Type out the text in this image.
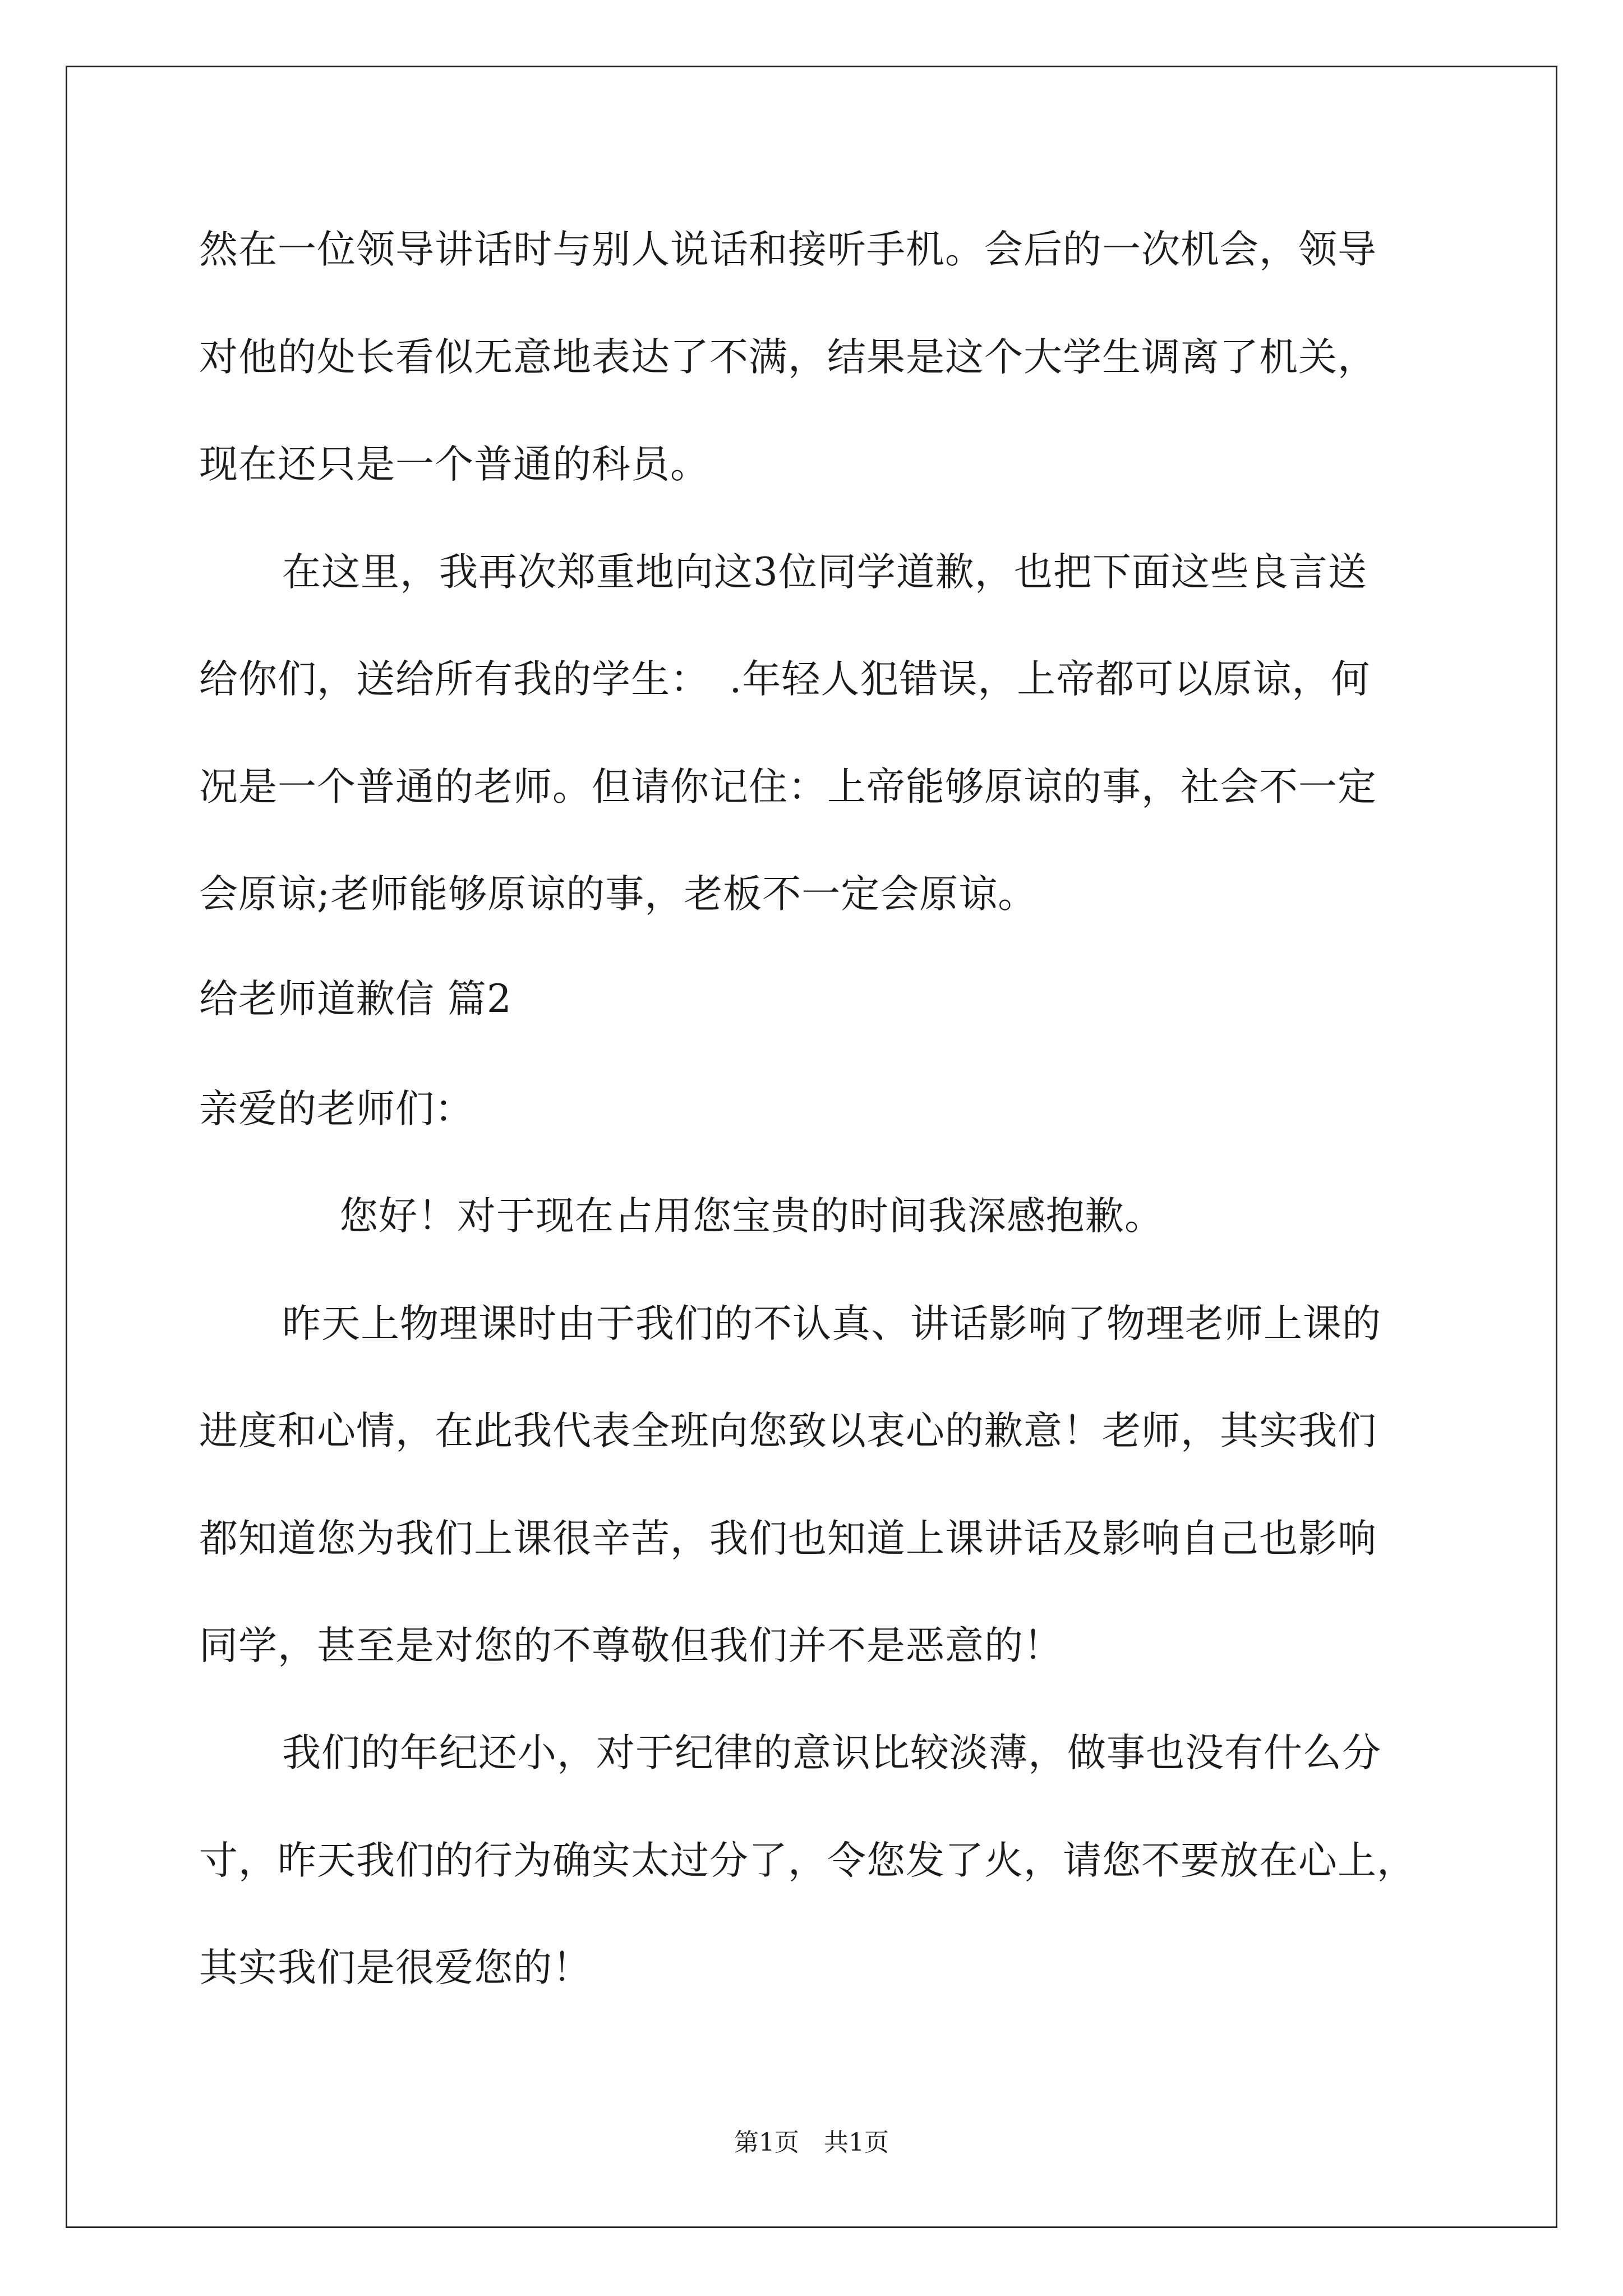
然在一位领导讲话时与别人说话和接听手机。会后的一次机会，领导
对他的处长看似无意地表达了不满，结果是这个大学生调离了机关，
现在还只是一个普通的科员。
在这里，我再次郑重地向这3位同学道歉，也把下面这些良言送
给你们，送给所有我的学生：　.年轻人犯错误，上帝都可以原谅，何
况是一个普通的老师。但请你记住：上帝能够原谅的事，社会不一定
会原谅;老师能够原谅的事，老板不一定会原谅。
给老师道歉信 篇2
亲爱的老师们：
您好！对于现在占用您宝贵的时间我深感抱歉。
昨天上物理课时由于我们的不认真、讲话影响了物理老师上课的
进度和心情，在此我代表全班向您致以衷心的歉意！老师，其实我们
都知道您为我们上课很辛苦，我们也知道上课讲话及影响自己也影响
同学，甚至是对您的不尊敬但我们并不是恶意的！
我们的年纪还小，对于纪律的意识比较淡薄，做事也没有什么分
寸，昨天我们的行为确实太过分了，令您发了火，请您不要放在心上，
其实我们是很爱您的！
第1页　共1页
